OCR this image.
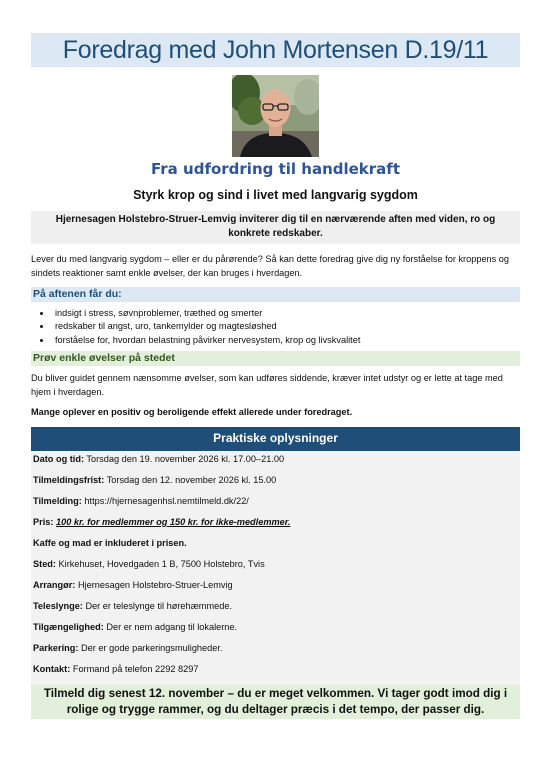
Foredrag med John Mortensen D.19/11
Fra udfordring til handlekraft
Styrk krop og sind i livet med langvarig sygdom
Hjernesagen Holstebro-Struer-Lemvig inviterer dig til en nærværende aften med viden, ro og konkrete redskaber.
Lever du med langvarig sygdom – eller er du pårørende? Så kan dette foredrag give dig ny forståelse for kroppens og sindets reaktioner samt enkle øvelser, der kan bruges i hverdagen.
På aftenen får du:
• indsigt i stress, søvnproblemer, træthed og smerter
• redskaber til angst, uro, tankemylder og magtesløshed
• forståelse for, hvordan belastning påvirker nervesystem, krop og livskvalitet
Prøv enkle øvelser på stedet
Du bliver guidet gennem nænsomme øvelser, som kan udføres siddende, kræver intet udstyr og er lette at tage med hjem i hverdagen.
Mange oplever en positiv og beroligende effekt allerede under foredraget.
Praktiske oplysninger
Dato og tid: Torsdag den 19. november 2026 kl. 17.00–21.00
Tilmeldingsfrist: Torsdag den 12. november 2026 kl. 15.00
Tilmelding: https://hjernesagenhsl.nemtilmeld.dk/22/
Pris: 100 kr. for medlemmer og 150 kr. for ikke-medlemmer.
Kaffe og mad er inkluderet i prisen.
Sted: Kirkehuset, Hovedgaden 1 B, 7500 Holstebro, Tvis
Arrangør: Hjernesagen Holstebro-Struer-Lemvig
Teleslynge: Der er teleslynge til hørehæmmede.
Tilgængelighed: Der er nem adgang til lokalerne.
Parkering: Der er gode parkeringsmuligheder.
Kontakt: Formand på telefon 2292 8297
Tilmeld dig senest 12. november – du er meget velkommen. Vi tager godt imod dig i rolige og trygge rammer, og du deltager præcis i det tempo, der passer dig.
